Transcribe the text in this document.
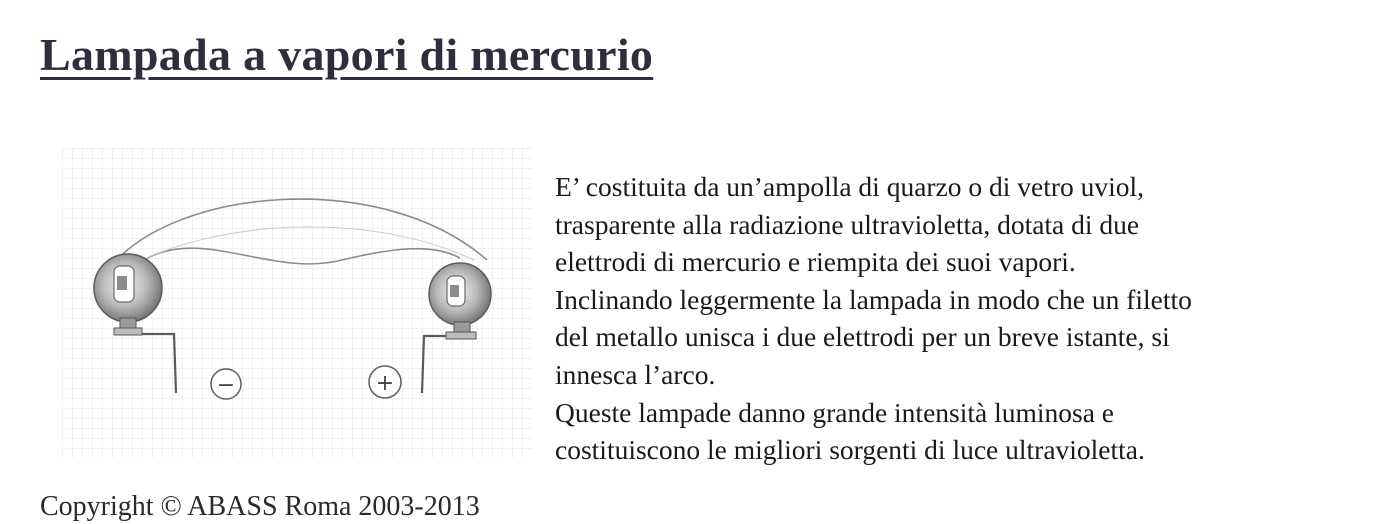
Lampada a vapori di mercurio
−	+

E’ costituita da un’ampolla di quarzo o di vetro uviol,

trasparente alla radiazione ultravioletta, dotata di due

elettrodi di mercurio e riempita dei suoi vapori.

Inclinando leggermente la lampada in modo che un filetto

del metallo unisca i due elettrodi per un breve istante, si

innesca l’arco.

Queste lampade danno grande intensità luminosa e

costituiscono le migliori sorgenti di luce ultravioletta.

Copyright © ABASS Roma 2003-2013
